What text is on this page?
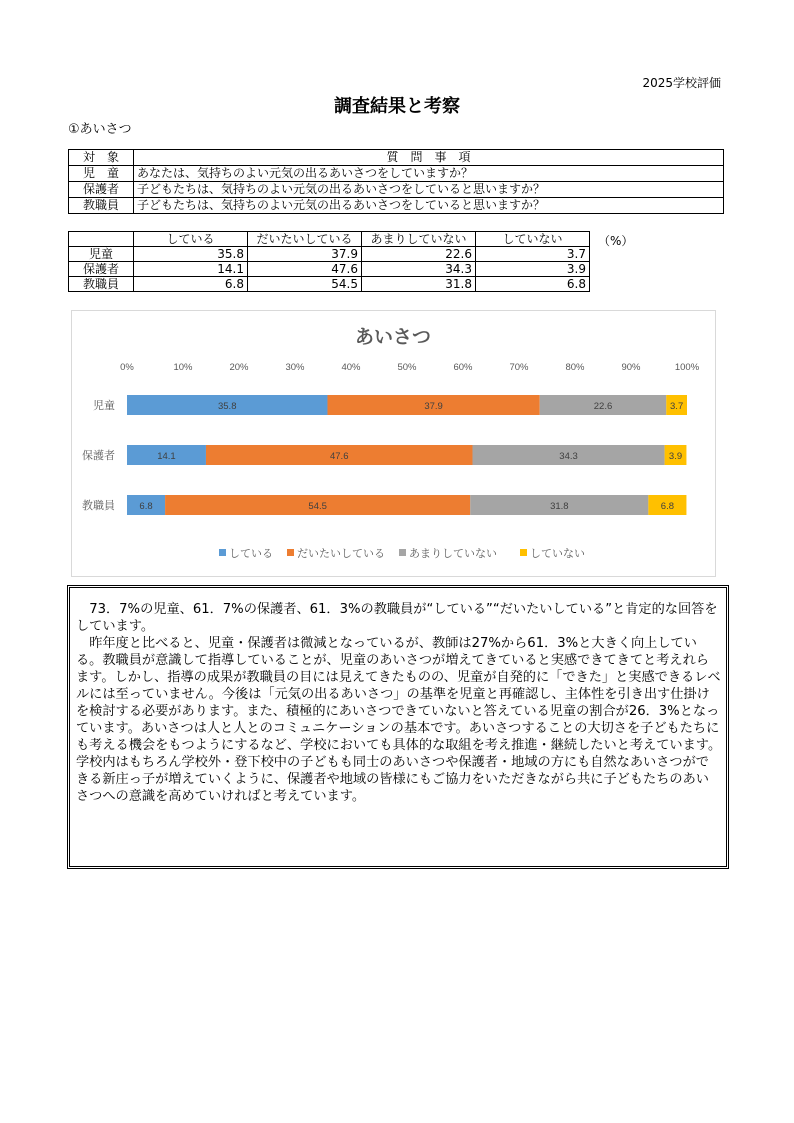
2025学校評価
調査結果と考察
①あいさつ
対　象	質　問　事　項
児　童	あなたは、気持ちのよい元気の出るあいさつをしていますか？
保護者	子どもたちは、気持ちのよい元気の出るあいさつをしていると思いますか？
教職員	子どもたちは、気持ちのよい元気の出るあいさつをしていると思いますか？
	している	だいたいしている	あまりしていない	していない
児童	35.8	37.9	22.6	3.7
保護者	14.1	47.6	34.3	3.9
教職員	6.8	54.5	31.8	6.8
（%）
あいさつ
0%	10%	20%	30%	40%	50%	60%	70%	80%	90%	100%
児童	35.8	37.9	22.6	3.7
保護者	14.1	47.6	34.3	3.9
教職員	6.8	54.5	31.8	6.8
している だいたいしている あまりしていない	していない

73．7%の児童、61．7%の保護者、61．3%の教職員が“している”“だいたいしている”と肯定的な回答をしています。

昨年度と比べると、児童・保護者は微減となっているが、教師は27%から61．3%と大きく向上している。教職員が意識して指導していることが、児童のあいさつが増えてきていると実感できてきてと考えれらます。しかし、指導の成果が教職員の目には見えてきたものの、児童が自発的に「できた」と実感できるレベルには至っていません。今後は「元気の出るあいさつ」の基準を児童と再確認し、主体性を引き出す仕掛けを検討する必要があります。また、積極的にあいさつできていないと答えている児童の割合が26．3%となっています。あいさつは人と人とのコミュニケーションの基本です。あいさつすることの大切さを子どもたちにも考える機会をもつようにするなど、学校においても具体的な取組を考え推進・継続したいと考えています。学校内はもちろん学校外・登下校中の子どもも同士のあいさつや保護者・地域の方にも自然なあいさつができる新庄っ子が増えていくように、保護者や地域の皆様にもご協力をいただきながら共に子どもたちのあいさつへの意識を高めていければと考えています。
